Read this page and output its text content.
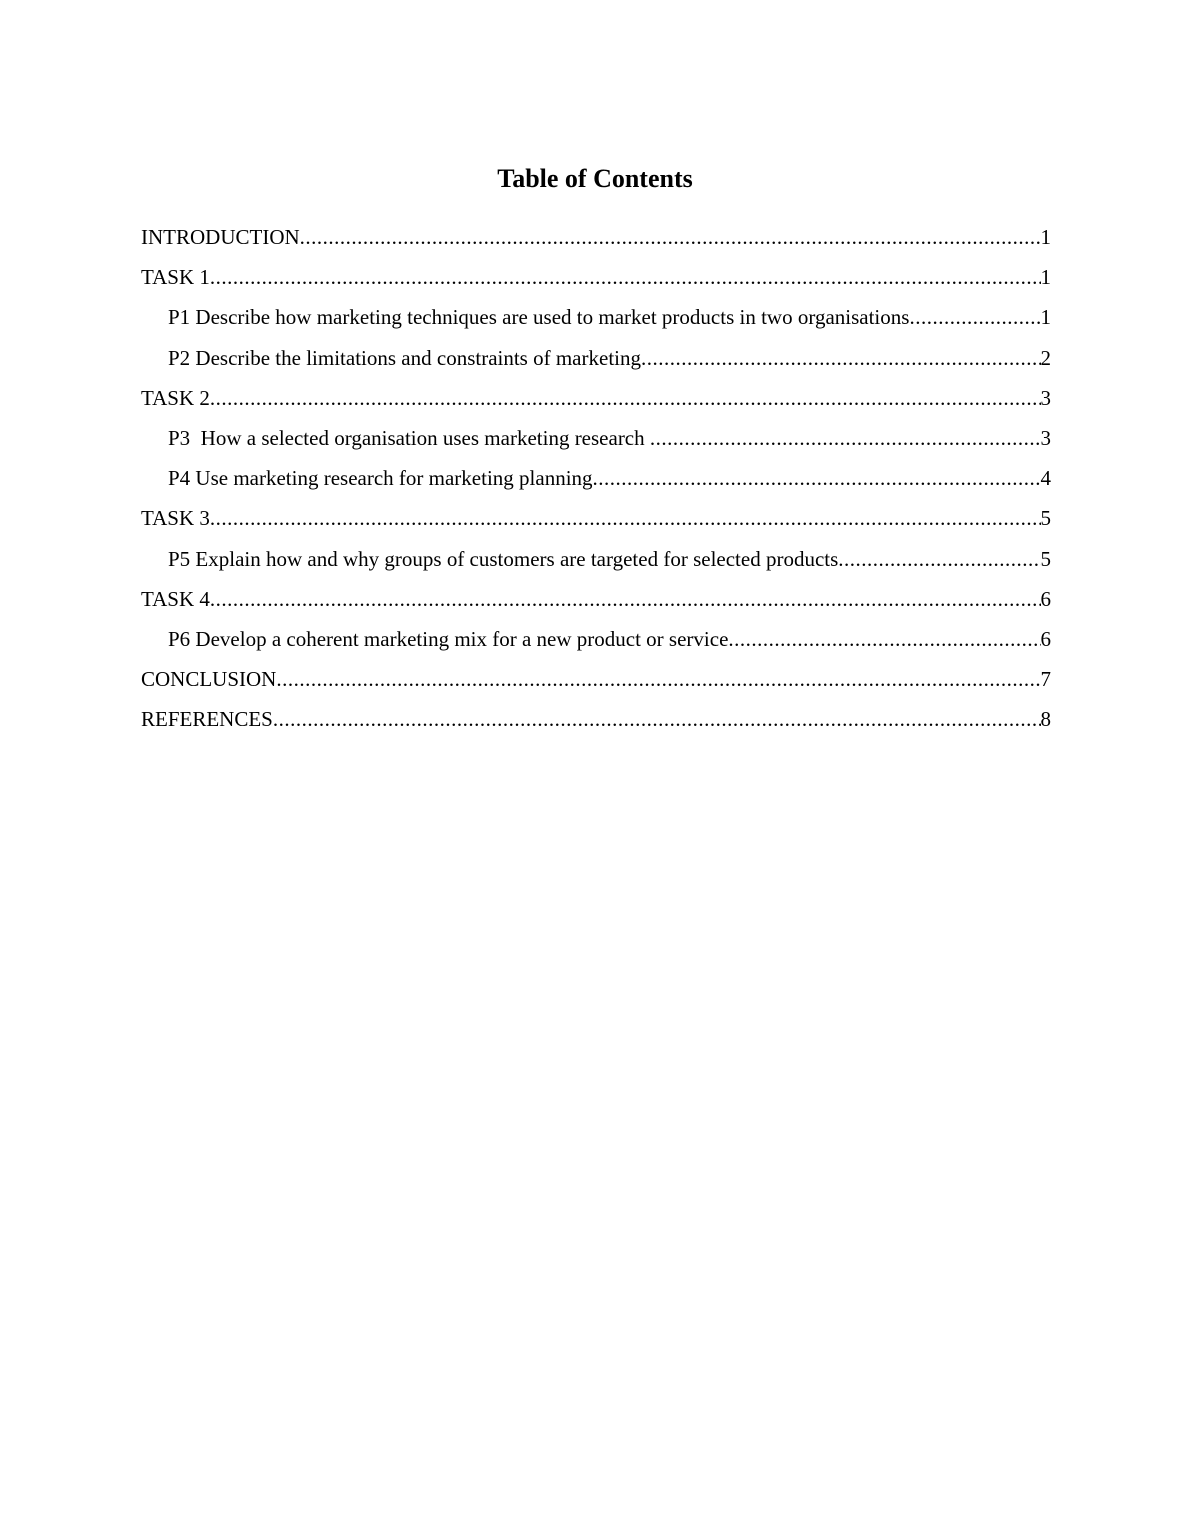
Table of Contents
INTRODUCTION .....	1
TASK 1 .....	1
P1 Describe how marketing techniques are used to market products in two organisations .....	1
P2 Describe the limitations and constraints of marketing .....	2
TASK 2 .....	3
P3  How a selected organisation uses marketing research .....	3
P4 Use marketing research for marketing planning .....	4
TASK 3 .....	5
P5 Explain how and why groups of customers are targeted for selected products .....	5
TASK 4 .....	6
P6 Develop a coherent marketing mix for a new product or service .....	6
CONCLUSION .....	7
REFERENCES .....	8
